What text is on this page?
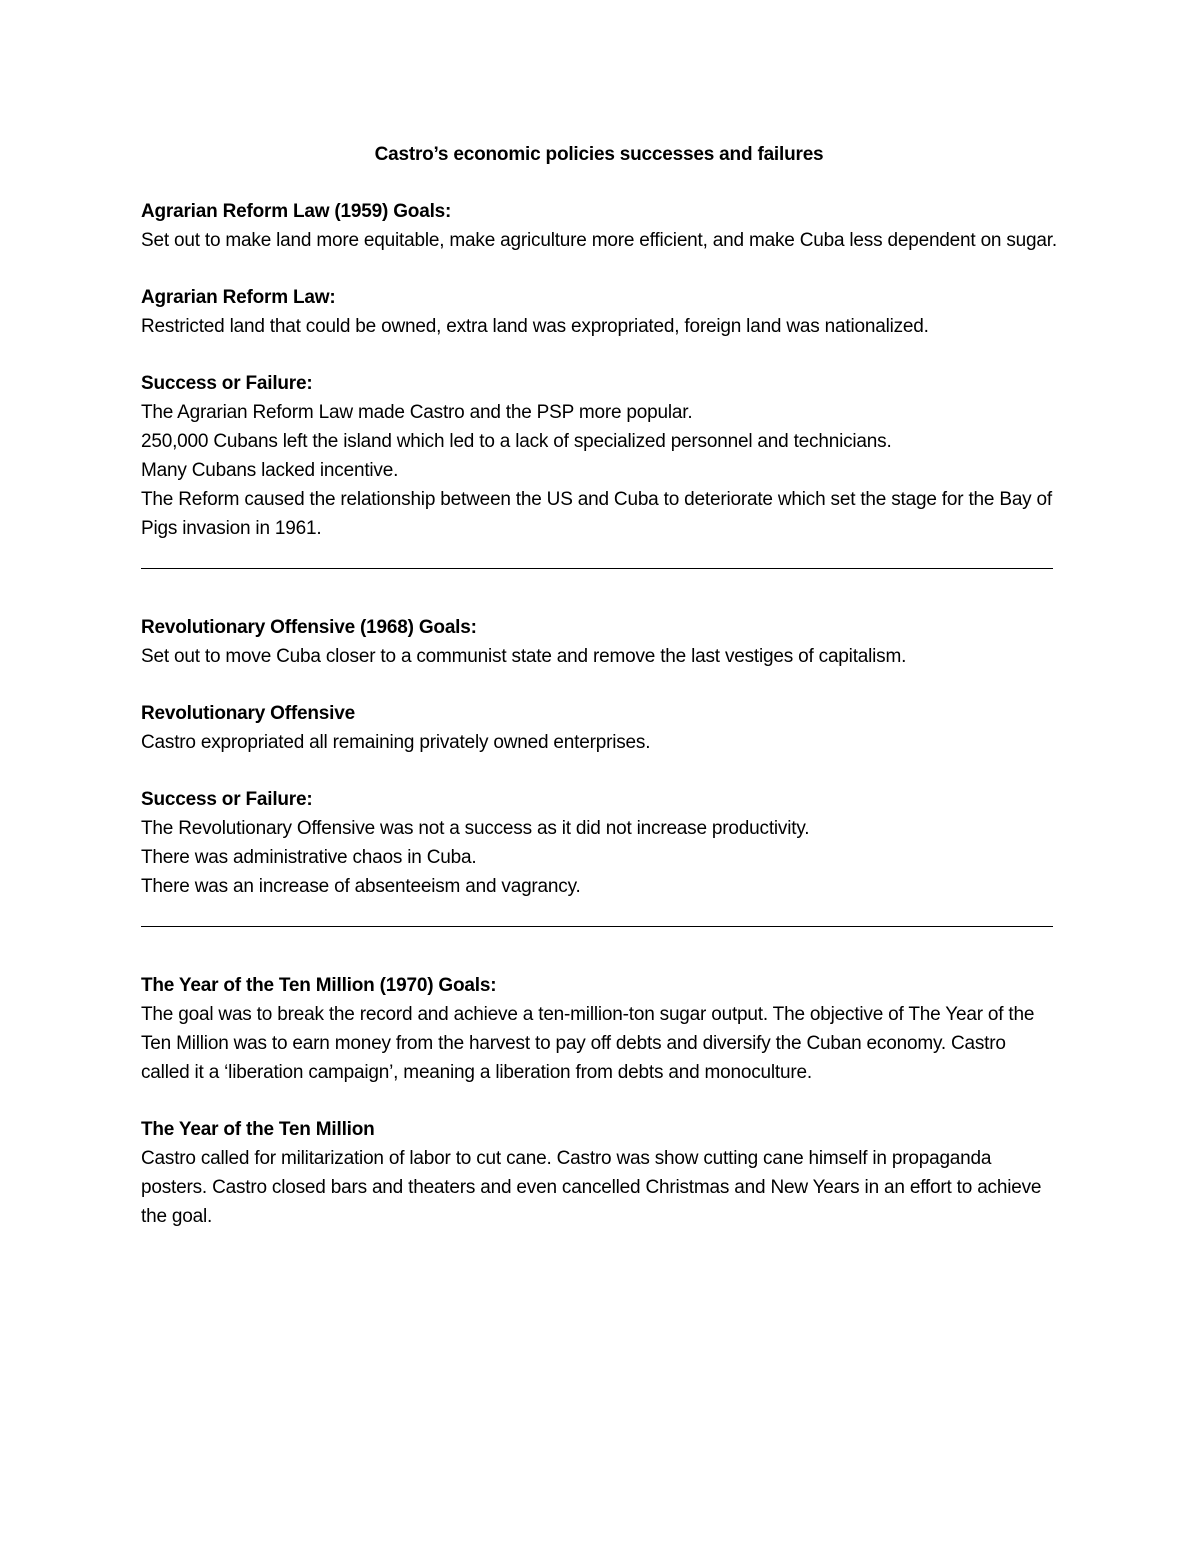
Castro’s economic policies successes and failures
Agrarian Reform Law (1959) Goals:
Set out to make land more equitable, make agriculture more efficient, and make Cuba less dependent on sugar.
Agrarian Reform Law:
Restricted land that could be owned, extra land was expropriated, foreign land was nationalized.
Success or Failure:
The Agrarian Reform Law made Castro and the PSP more popular.
250,000 Cubans left the island which led to a lack of specialized personnel and technicians.
Many Cubans lacked incentive.
The Reform caused the relationship between the US and Cuba to deteriorate which set the stage for the Bay of Pigs invasion in 1961.
Revolutionary Offensive (1968) Goals:
Set out to move Cuba closer to a communist state and remove the last vestiges of capitalism.
Revolutionary Offensive
Castro expropriated all remaining privately owned enterprises.
Success or Failure:
The Revolutionary Offensive was not a success as it did not increase productivity.
There was administrative chaos in Cuba.
There was an increase of absenteeism and vagrancy.
The Year of the Ten Million (1970) Goals:
The goal was to break the record and achieve a ten-million-ton sugar output. The objective of The Year of the Ten Million was to earn money from the harvest to pay off debts and diversify the Cuban economy. Castro called it a ‘liberation campaign’, meaning a liberation from debts and monoculture.
The Year of the Ten Million
Castro called for militarization of labor to cut cane. Castro was show cutting cane himself in propaganda posters. Castro closed bars and theaters and even cancelled Christmas and New Years in an effort to achieve the goal.
